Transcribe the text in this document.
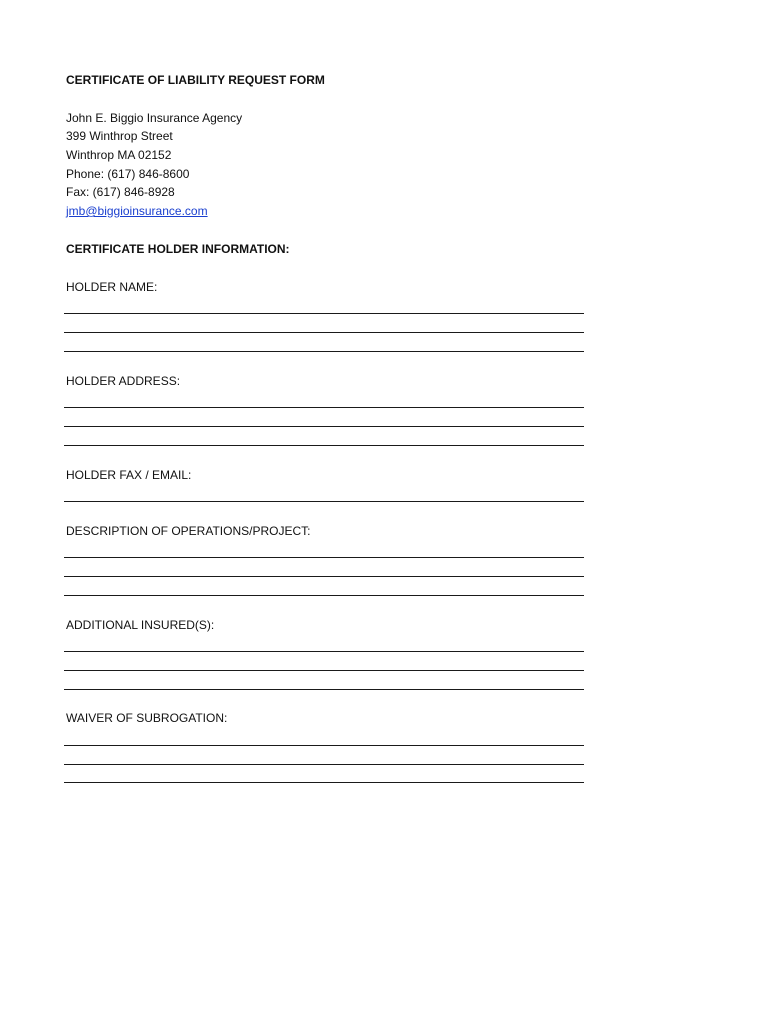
CERTIFICATE OF LIABILITY REQUEST FORM
John E. Biggio Insurance Agency
399 Winthrop Street
Winthrop MA 02152
Phone: (617) 846-8600
Fax: (617) 846-8928
jmb@biggioinsurance.com
CERTIFICATE HOLDER INFORMATION:
HOLDER NAME:
HOLDER ADDRESS:
HOLDER FAX / EMAIL:
DESCRIPTION OF OPERATIONS/PROJECT:
ADDITIONAL INSURED(S):
WAIVER OF SUBROGATION:
